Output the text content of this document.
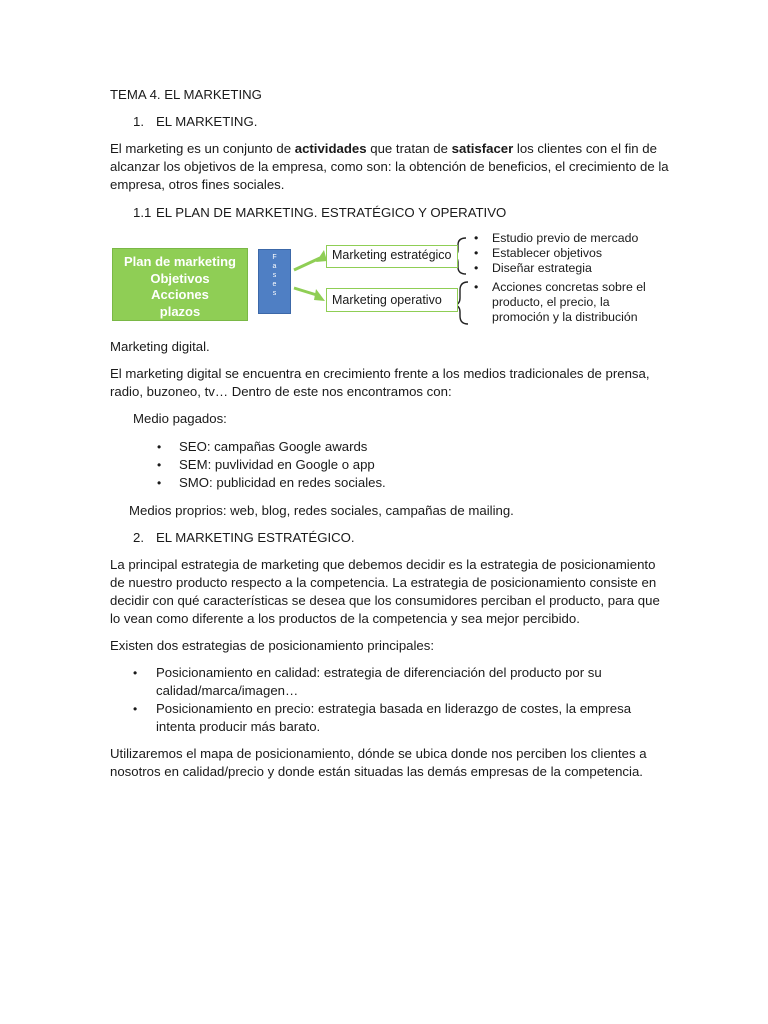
TEMA 4. EL MARKETING
1. EL MARKETING.
El marketing es un conjunto de actividades que tratan de satisfacer los clientes con el fin de
alcanzar los objetivos de la empresa, como son: la obtención de beneficios, el crecimiento de la
empresa, otros fines sociales.
1.1 EL PLAN DE MARKETING. ESTRATÉGICO Y OPERATIVO
Plan de marketing
Objetivos
Acciones
plazos
F
a
s
e
s
Marketing estratégico
Marketing operativo
• Estudio previo de mercado
• Establecer objetivos
• Diseñar estrategia
• Acciones concretas sobre el
producto, el precio, la
promoción y la distribución
Marketing digital.
El marketing digital se encuentra en crecimiento frente a los medios tradicionales de prensa,
radio, buzoneo, tv… Dentro de este nos encontramos con:
Medio pagados:
• SEO: campañas Google awards
• SEM: puvlividad en Google o app
• SMO: publicidad en redes sociales.
Medios proprios: web, blog, redes sociales, campañas de mailing.
2. EL MARKETING ESTRATÉGICO.
La principal estrategia de marketing que debemos decidir es la estrategia de posicionamiento
de nuestro producto respecto a la competencia. La estrategia de posicionamiento consiste en
decidir con qué características se desea que los consumidores perciban el producto, para que
lo vean como diferente a los productos de la competencia y sea mejor percibido.
Existen dos estrategias de posicionamiento principales:
• Posicionamiento en calidad: estrategia de diferenciación del producto por su
calidad/marca/imagen…
• Posicionamiento en precio: estrategia basada en liderazgo de costes, la empresa
intenta producir más barato.
Utilizaremos el mapa de posicionamiento, dónde se ubica donde nos perciben los clientes a
nosotros en calidad/precio y donde están situadas las demás empresas de la competencia.
